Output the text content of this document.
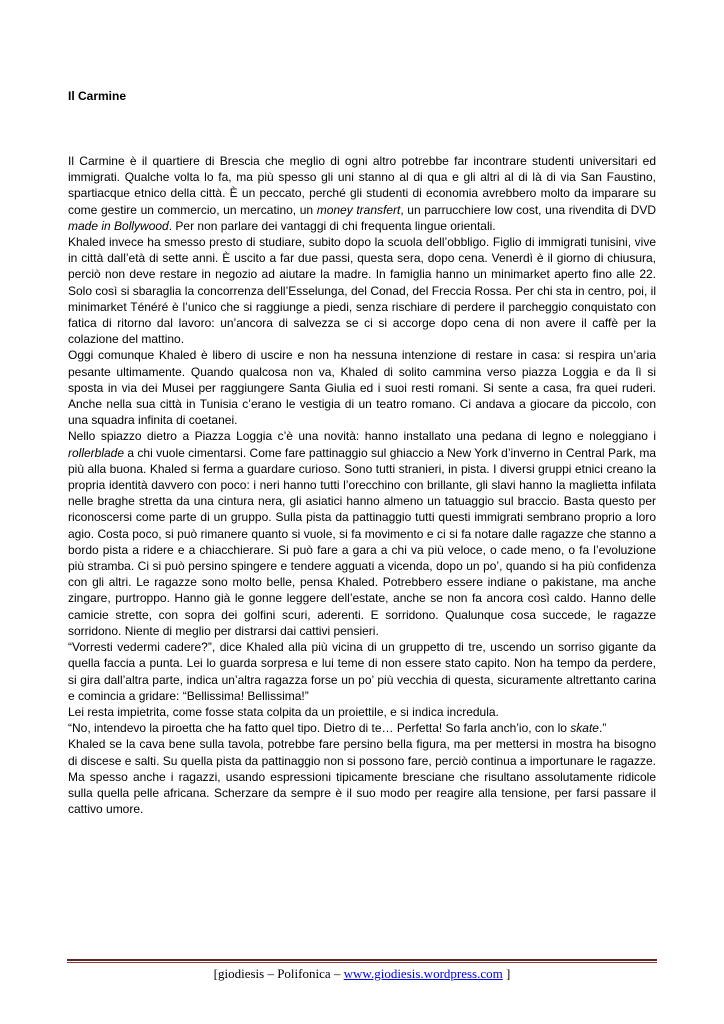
Il Carmine

Il Carmine è il quartiere di Brescia che meglio di ogni altro potrebbe far incontrare studenti universitari ed immigrati. Qualche volta lo fa, ma più spesso gli uni stanno al di qua e gli altri al di là di via San Faustino, spartiacque etnico della città. È un peccato, perché gli studenti di economia avrebbero molto da imparare su come gestire un commercio, un mercatino, un money transfert, un parrucchiere low cost, una rivendita di DVD made in Bollywood. Per non parlare dei vantaggi di chi frequenta lingue orientali.

Khaled invece ha smesso presto di studiare, subito dopo la scuola dell’obbligo. Figlio di immigrati tunisini, vive in città dall’età di sette anni. È uscito a far due passi, questa sera, dopo cena. Venerdì è il giorno di chiusura, perciò non deve restare in negozio ad aiutare la madre. In famiglia hanno un minimarket aperto fino alle 22. Solo così si sbaraglia la concorrenza dell’Esselunga, del Conad, del Freccia Rossa. Per chi sta in centro, poi, il minimarket Ténéré è l’unico che si raggiunge a piedi, senza rischiare di perdere il parcheggio conquistato con fatica di ritorno dal lavoro: un’ancora di salvezza se ci si accorge dopo cena di non avere il caffè per la colazione del mattino.

Oggi comunque Khaled è libero di uscire e non ha nessuna intenzione di restare in casa: si respira un’aria pesante ultimamente. Quando qualcosa non va, Khaled di solito cammina verso piazza Loggia e da lì si sposta in via dei Musei per raggiungere Santa Giulia ed i suoi resti romani. Si sente a casa, fra quei ruderi. Anche nella sua città in Tunisia c’erano le vestigia di un teatro romano. Ci andava a giocare da piccolo, con una squadra infinita di coetanei.

Nello spiazzo dietro a Piazza Loggia c’è una novità: hanno installato una pedana di legno e noleggiano i rollerblade a chi vuole cimentarsi. Come fare pattinaggio sul ghiaccio a New York d’inverno in Central Park, ma più alla buona. Khaled si ferma a guardare curioso. Sono tutti stranieri, in pista. I diversi gruppi etnici creano la propria identità davvero con poco: i neri hanno tutti l’orecchino con brillante, gli slavi hanno la maglietta infilata nelle braghe stretta da una cintura nera, gli asiatici hanno almeno un tatuaggio sul braccio. Basta questo per riconoscersi come parte di un gruppo. Sulla pista da pattinaggio tutti questi immigrati sembrano proprio a loro agio. Costa poco, si può rimanere quanto si vuole, si fa movimento e ci si fa notare dalle ragazze che stanno a bordo pista a ridere e a chiacchierare. Si può fare a gara a chi va più veloce, o cade meno, o fa l’evoluzione più stramba. Ci si può persino spingere e tendere agguati a vicenda, dopo un po’, quando si ha più confidenza con gli altri. Le ragazze sono molto belle, pensa Khaled. Potrebbero essere indiane o pakistane, ma anche zingare, purtroppo. Hanno già le gonne leggere dell’estate, anche se non fa ancora così caldo. Hanno delle camicie strette, con sopra dei golfini scuri, aderenti. E sorridono. Qualunque cosa succede, le ragazze sorridono. Niente di meglio per distrarsi dai cattivi pensieri.

“Vorresti vedermi cadere?”, dice Khaled alla più vicina di un gruppetto di tre, uscendo un sorriso gigante da quella faccia a punta. Lei lo guarda sorpresa e lui teme di non essere stato capito. Non ha tempo da perdere, si gira dall’altra parte, indica un’altra ragazza forse un po’ più vecchia di questa, sicuramente altrettanto carina e comincia a gridare: “Bellissima! Bellissima!”

Lei resta impietrita, come fosse stata colpita da un proiettile, e si indica incredula.

“No, intendevo la piroetta che ha fatto quel tipo. Dietro di te… Perfetta! So farla anch’io, con lo skate.”

Khaled se la cava bene sulla tavola, potrebbe fare persino bella figura, ma per mettersi in mostra ha bisogno di discese e salti. Su quella pista da pattinaggio non si possono fare, perciò continua a importunare le ragazze. Ma spesso anche i ragazzi, usando espressioni tipicamente bresciane che risultano assolutamente ridicole sulla quella pelle africana. Scherzare da sempre è il suo modo per reagire alla tensione, per farsi passare il cattivo umore.

[giodiesis – Polifonica – www.giodiesis.wordpress.com ]
